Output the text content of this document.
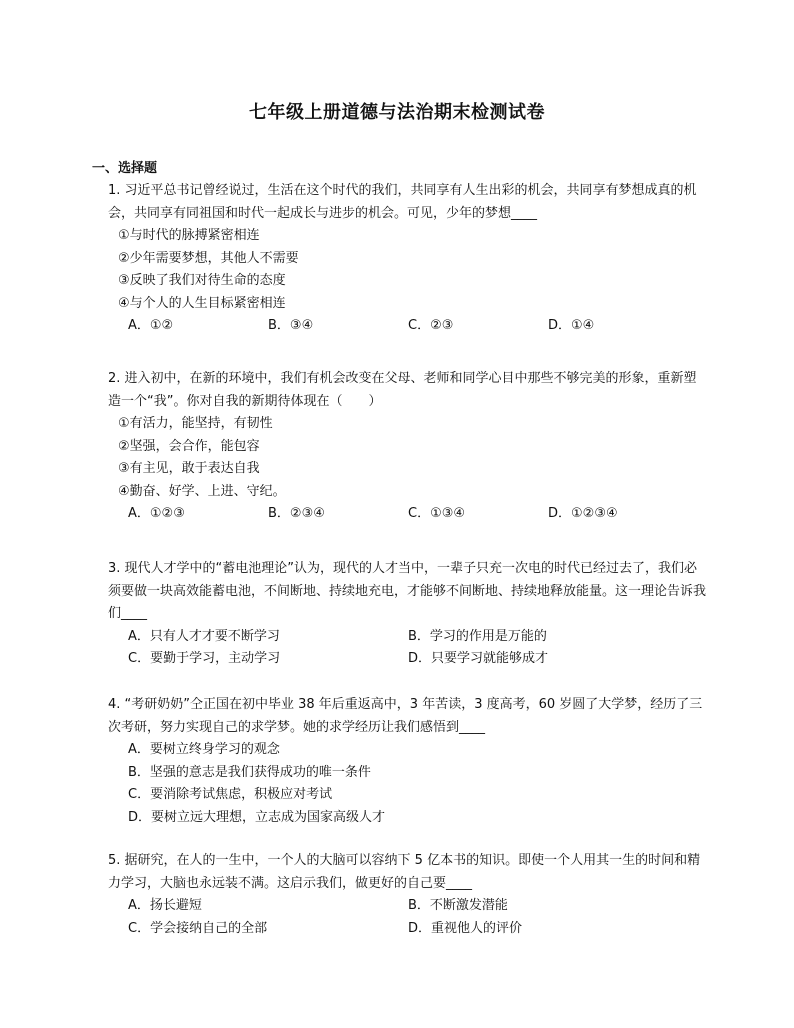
七年级上册道德与法治期末检测试卷
一、选择题
1. 习近平总书记曾经说过，生活在这个时代的我们，共同享有人生出彩的机会，共同享有梦想成真的机会，共同享有同祖国和时代一起成长与进步的机会。可见，少年的梦想____
①与时代的脉搏紧密相连
②少年需要梦想，其他人不需要
③反映了我们对待生命的态度
④与个人的人生目标紧密相连
A．①②	B．③④	C．②③	D．①④
2. 进入初中，在新的环境中，我们有机会改变在父母、老师和同学心目中那些不够完美的形象，重新塑造一个“我”。你对自我的新期待体现在（　　）
①有活力，能坚持，有韧性
②坚强，会合作，能包容
③有主见，敢于表达自我
④勤奋、好学、上进、守纪。
A．①②③	B．②③④	C．①③④	D．①②③④
3. 现代人才学中的“蓄电池理论”认为，现代的人才当中，一辈子只充一次电的时代已经过去了，我们必须要做一块高效能蓄电池，不间断地、持续地充电，才能够不间断地、持续地释放能量。这一理论告诉我们____
A．只有人才才要不断学习	B．学习的作用是万能的
C．要勤于学习，主动学习	D．只要学习就能够成才
4. “考研奶奶”仝正国在初中毕业 38 年后重返高中，3 年苦读，3 度高考，60 岁圆了大学梦，经历了三次考研，努力实现自己的求学梦。她的求学经历让我们感悟到____
A．要树立终身学习的观念
B．坚强的意志是我们获得成功的唯一条件
C．要消除考试焦虑，积极应对考试
D．要树立远大理想，立志成为国家高级人才
5. 据研究，在人的一生中，一个人的大脑可以容纳下 5 亿本书的知识。即使一个人用其一生的时间和精力学习，大脑也永远装不满。这启示我们，做更好的自己要____
A．扬长避短	B．不断激发潜能
C．学会接纳自己的全部	D．重视他人的评价
